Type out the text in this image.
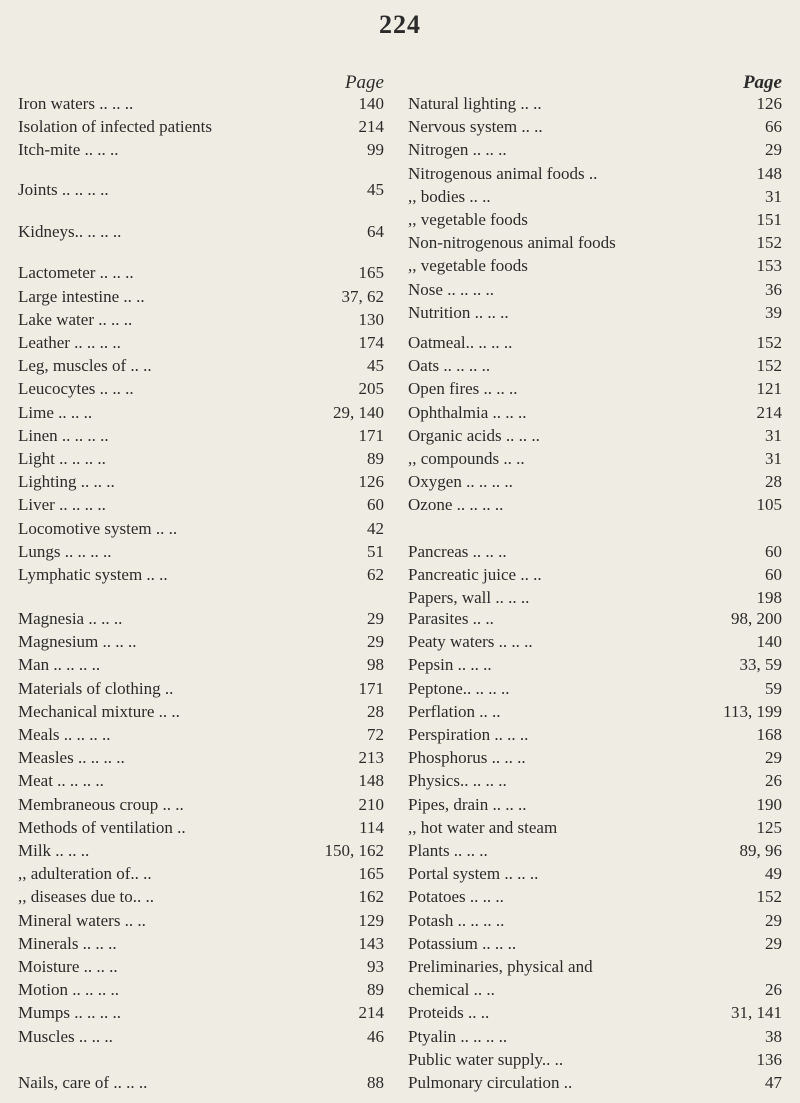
224
Page
Iron waters .. .. ..	140
Isolation of infected patients	214
Itch-mite .. .. ..	99
Joints .. .. .. ..	45
Kidneys.. .. .. ..	64
Lactometer .. .. ..	165
Large intestine .. ..	37, 62
Lake water .. .. ..	130
Leather .. .. .. ..	174
Leg, muscles of .. ..	45
Leucocytes .. .. ..	205
Lime .. .. ..	29, 140
Linen .. .. .. ..	171
Light .. .. .. ..	89
Lighting .. .. ..	126
Liver .. .. .. ..	60
Locomotive system .. ..	42
Lungs .. .. .. ..	51
Lymphatic system .. ..	62
Magnesia .. .. ..	29
Magnesium .. .. ..	29
Man .. .. .. ..	98
Materials of clothing ..	171
Mechanical mixture .. ..	28
Meals .. .. .. ..	72
Measles .. .. .. ..	213
Meat .. .. .. ..	148
Membraneous croup .. ..	210
Methods of ventilation ..	114
Milk .. .. ..	150, 162
,, adulteration of.. ..	165
,, diseases due to.. ..	162
Mineral waters .. ..	129
Minerals .. .. ..	143
Moisture .. .. ..	93
Motion .. .. .. ..	89
Mumps .. .. .. ..	214
Muscles .. .. ..	46
Nails, care of .. .. ..	88
Page
Natural lighting .. ..	126
Nervous system .. ..	66
Nitrogen .. .. ..	29
Nitrogenous animal foods ..	148
,, bodies .. ..	31
,, vegetable foods	151
Non-nitrogenous animal foods	152
,, vegetable foods	153
Nose .. .. .. ..	36
Nutrition .. .. ..	39
Oatmeal.. .. .. ..	152
Oats .. .. .. ..	152
Open fires .. .. ..	121
Ophthalmia .. .. ..	214
Organic acids .. .. ..	31
,, compounds .. ..	31
Oxygen .. .. .. ..	28
Ozone .. .. .. ..	105
Pancreas .. .. ..	60
Pancreatic juice .. ..	60
Papers, wall .. .. ..	198
Parasites .. ..	98, 200
Peaty waters .. .. ..	140
Pepsin .. .. ..	33, 59
Peptone.. .. .. ..	59
Perflation .. ..	113, 199
Perspiration .. .. ..	168
Phosphorus .. .. ..	29
Physics.. .. .. ..	26
Pipes, drain .. .. ..	190
,, hot water and steam	125
Plants .. .. ..	89, 96
Portal system .. .. ..	49
Potatoes .. .. ..	152
Potash .. .. .. ..	29
Potassium .. .. ..	29
Preliminaries, physical and
chemical .. ..	26
Proteids .. ..	31, 141
Ptyalin .. .. .. ..	38
Public water supply.. ..	136
Pulmonary circulation ..	47
